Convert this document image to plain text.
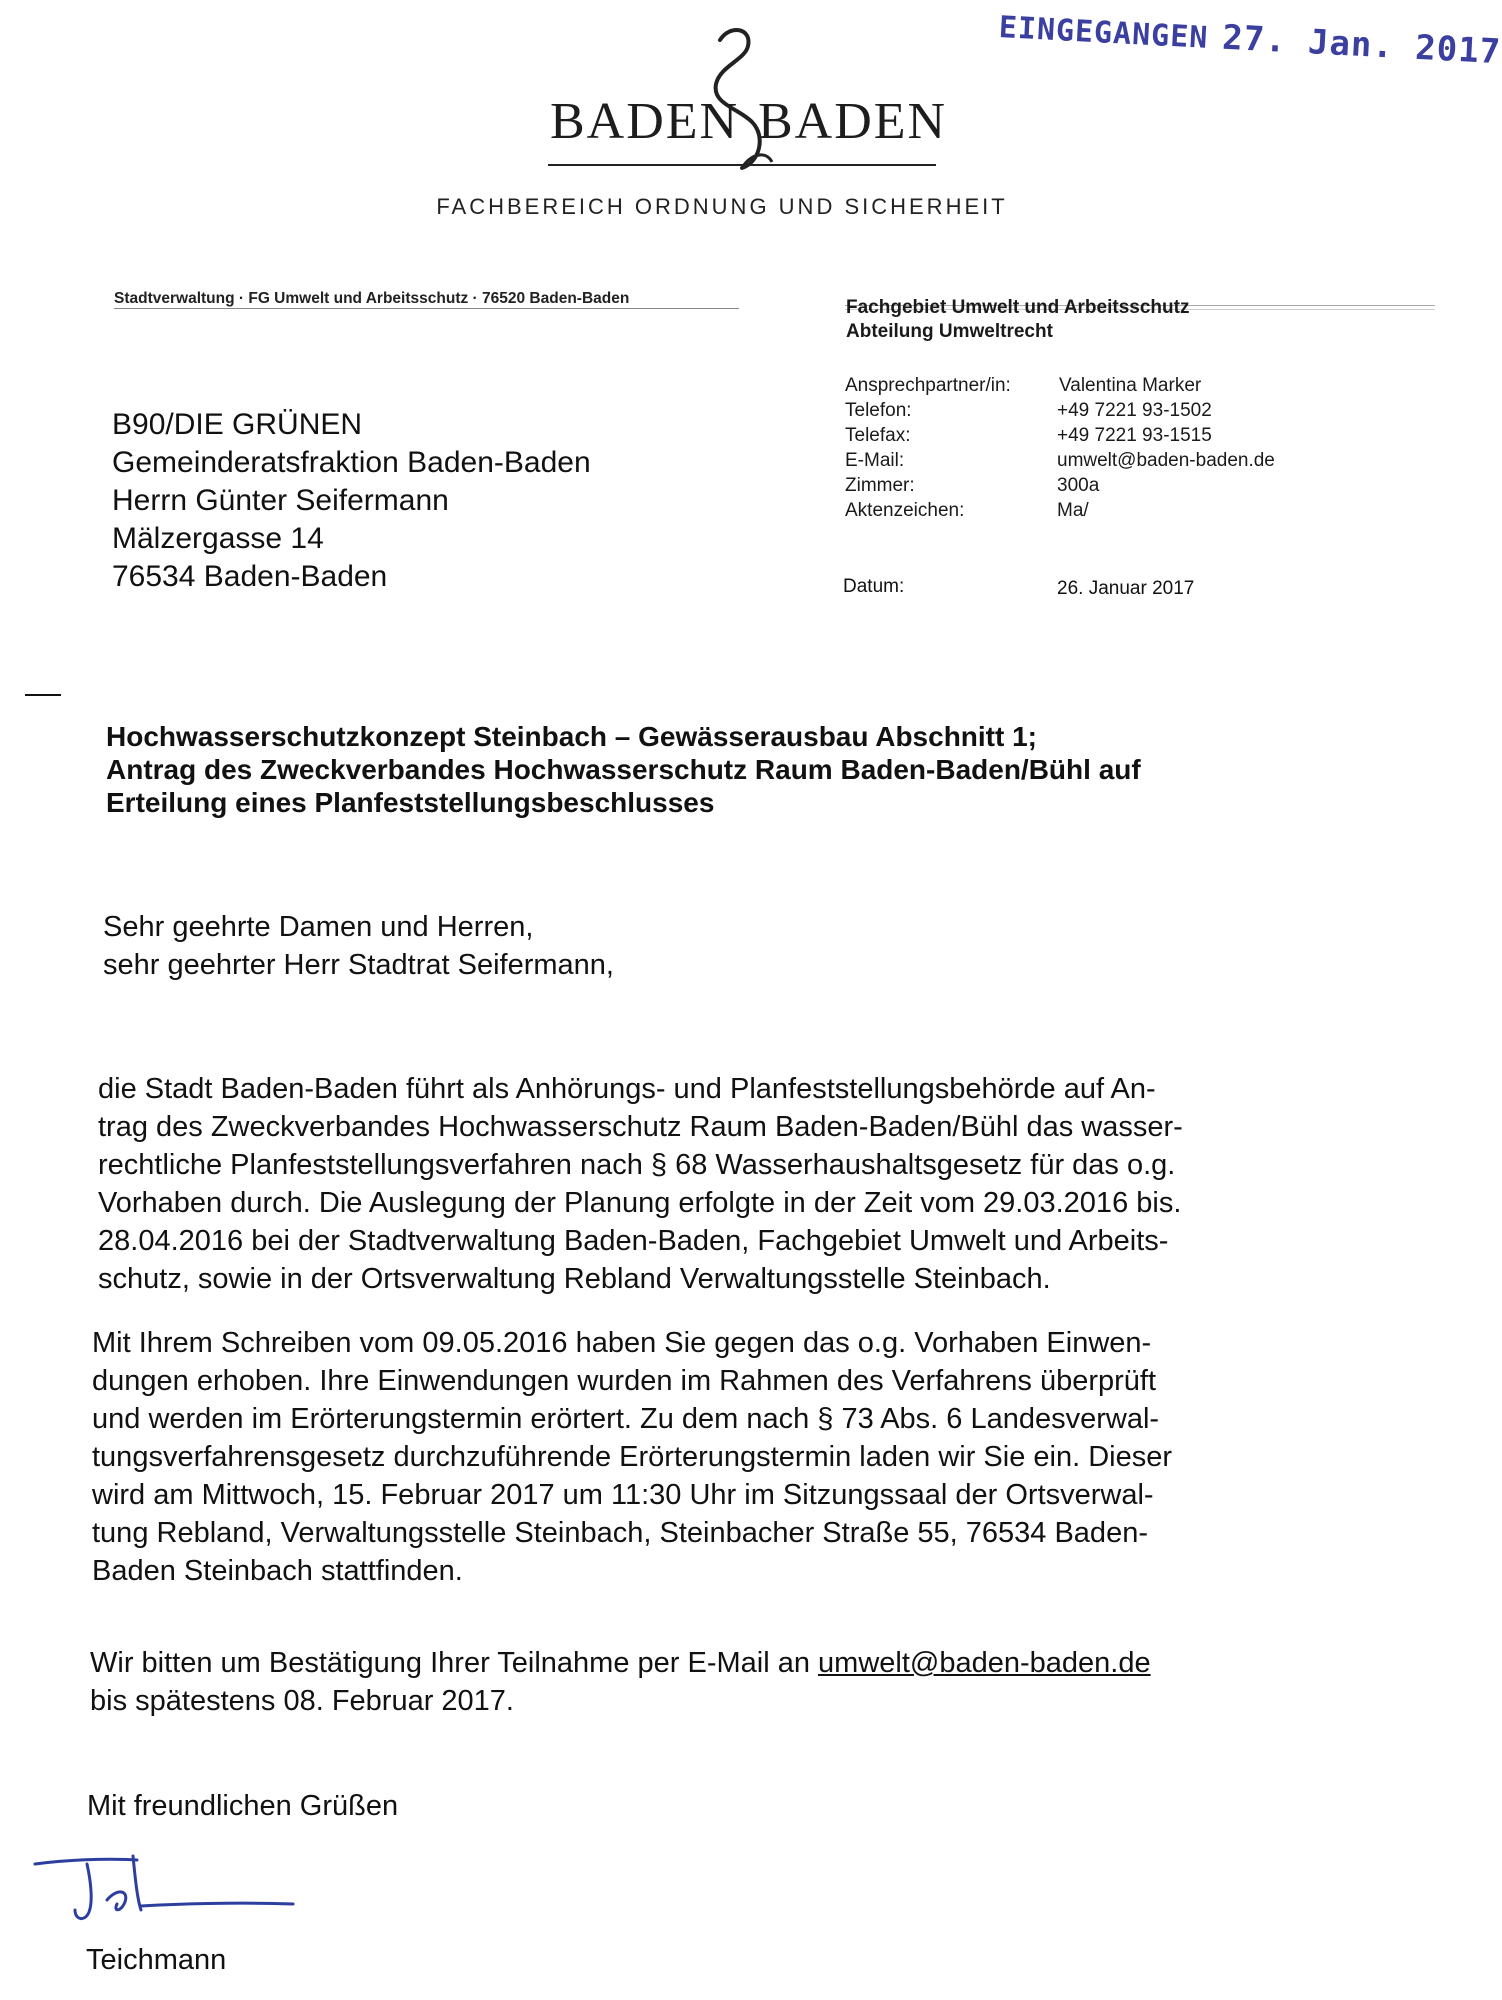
EINGEGANGEN 27. Jan. 2017
BADEN BADEN
FACHBEREICH ORDNUNG UND SICHERHEIT
Stadtverwaltung · FG Umwelt und Arbeitsschutz · 76520 Baden-Baden	Fachgebiet Umwelt und Arbeitsschutz
Abteilung Umweltrecht
Ansprechpartner/in:	Valentina Marker
Telefon:	+49 7221 93-1502
Telefax:	+49 7221 93-1515
E-Mail:	umwelt@baden-baden.de
Zimmer:	300a
Aktenzeichen:	Ma/
Datum:	26. Januar 2017
B90/DIE GRÜNEN
Gemeinderatsfraktion Baden-Baden
Herrn Günter Seifermann
Mälzergasse 14
76534 Baden-Baden
Hochwasserschutzkonzept Steinbach – Gewässerausbau Abschnitt 1;
Antrag des Zweckverbandes Hochwasserschutz Raum Baden-Baden/Bühl auf
Erteilung eines Planfeststellungsbeschlusses
Sehr geehrte Damen und Herren,
sehr geehrter Herr Stadtrat Seifermann,
die Stadt Baden-Baden führt als Anhörungs- und Planfeststellungsbehörde auf An-
trag des Zweckverbandes Hochwasserschutz Raum Baden-Baden/Bühl das wasser-
rechtliche Planfeststellungsverfahren nach § 68 Wasserhaushaltsgesetz für das o.g.
Vorhaben durch. Die Auslegung der Planung erfolgte in der Zeit vom 29.03.2016 bis.
28.04.2016 bei der Stadtverwaltung Baden-Baden, Fachgebiet Umwelt und Arbeits-
schutz, sowie in der Ortsverwaltung Rebland Verwaltungsstelle Steinbach.
Mit Ihrem Schreiben vom 09.05.2016 haben Sie gegen das o.g. Vorhaben Einwen-
dungen erhoben. Ihre Einwendungen wurden im Rahmen des Verfahrens überprüft
und werden im Erörterungstermin erörtert. Zu dem nach § 73 Abs. 6 Landesverwal-
tungsverfahrensgesetz durchzuführende Erörterungstermin laden wir Sie ein. Dieser
wird am Mittwoch, 15. Februar 2017 um 11:30 Uhr im Sitzungssaal der Ortsverwal-
tung Rebland, Verwaltungsstelle Steinbach, Steinbacher Straße 55, 76534 Baden-
Baden Steinbach stattfinden.
Wir bitten um Bestätigung Ihrer Teilnahme per E-Mail an umwelt@baden-baden.de
bis spätestens 08. Februar 2017.
Mit freundlichen Grüßen
Teichmann
